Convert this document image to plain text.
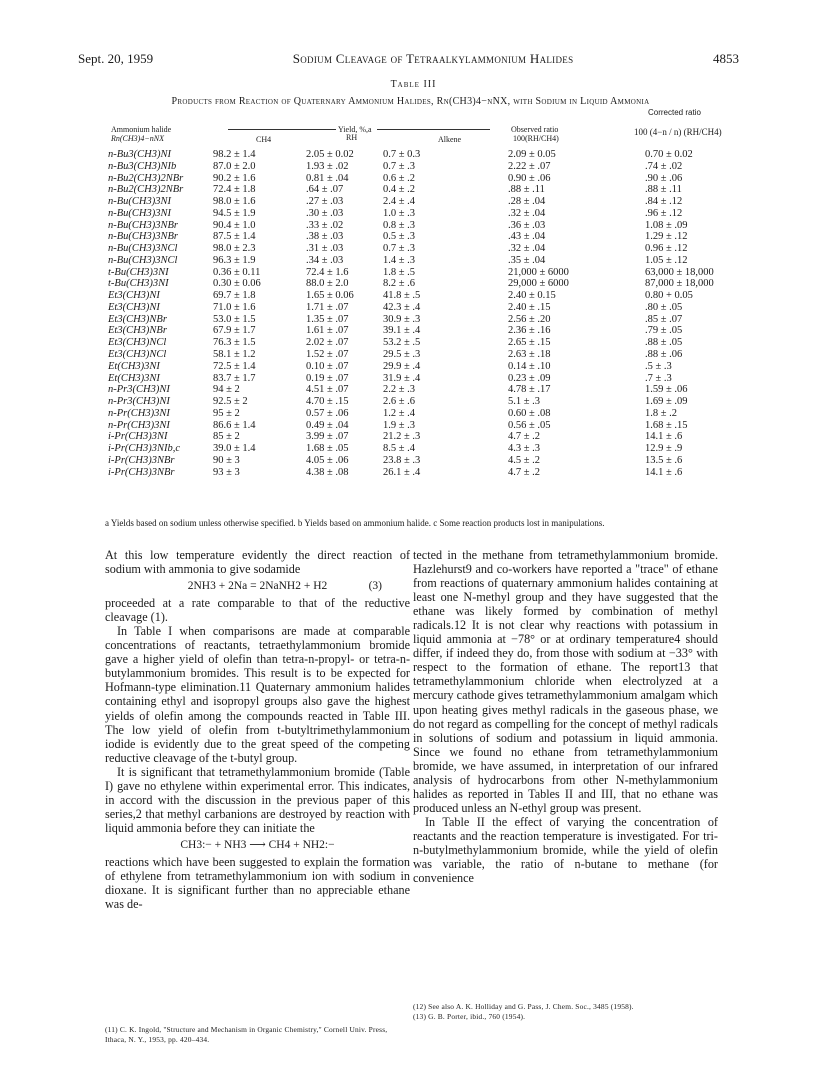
Sept. 20, 1959	Sodium Cleavage of Tetraalkylammonium Halides	4853
Table III
Products from Reaction of Quaternary Ammonium Halides, Rn(CH3)4−nNX, with Sodium in Liquid Ammonia
Corrected ratio
Ammonium halide
Rn(CH3)4−nNX
Yield, %,a
RH
CH4	Alkene
Observed ratio
100(RH/CH4)
100 (4−n / n) (RH/CH4)
n-Bu3(CH3)NI	98.2 ± 1.4	2.05 ± 0.02	0.7 ± 0.3	2.09 ± 0.05	0.70 ± 0.02
n-Bu3(CH3)NIb	87.0 ± 2.0	1.93 ± .02	0.7 ± .3	2.22 ± .07	.74 ± .02
n-Bu2(CH3)2NBr	90.2 ± 1.6	0.81 ± .04	0.6 ± .2	0.90 ± .06	.90 ± .06
n-Bu2(CH3)2NBr	72.4 ± 1.8	.64 ± .07	0.4 ± .2	.88 ± .11	.88 ± .11
n-Bu(CH3)3NI	98.0 ± 1.6	.27 ± .03	2.4 ± .4	.28 ± .04	.84 ± .12
n-Bu(CH3)3NI	94.5 ± 1.9	.30 ± .03	1.0 ± .3	.32 ± .04	.96 ± .12
n-Bu(CH3)3NBr	90.4 ± 1.0	.33 ± .02	0.8 ± .3	.36 ± .03	1.08 ± .09
n-Bu(CH3)3NBr	87.5 ± 1.4	.38 ± .03	0.5 ± .3	.43 ± .04	1.29 ± .12
n-Bu(CH3)3NCl	98.0 ± 2.3	.31 ± .03	0.7 ± .3	.32 ± .04	0.96 ± .12
n-Bu(CH3)3NCl	96.3 ± 1.9	.34 ± .03	1.4 ± .3	.35 ± .04	1.05 ± .12
t-Bu(CH3)3NI	0.36 ± 0.11	72.4 ± 1.6	1.8 ± .5	21,000 ± 6000	63,000 ± 18,000
t-Bu(CH3)3NI	0.30 ± 0.06	88.0 ± 2.0	8.2 ± .6	29,000 ± 6000	87,000 ± 18,000
Et3(CH3)NI	69.7 ± 1.8	1.65 ± 0.06	41.8 ± .5	2.40 ± 0.15	0.80 + 0.05
Et3(CH3)NI	71.0 ± 1.6	1.71 ± .07	42.3 ± .4	2.40 ± .15	.80 ± .05
Et3(CH3)NBr	53.0 ± 1.5	1.35 ± .07	30.9 ± .3	2.56 ± .20	.85 ± .07
Et3(CH3)NBr	67.9 ± 1.7	1.61 ± .07	39.1 ± .4	2.36 ± .16	.79 ± .05
Et3(CH3)NCl	76.3 ± 1.5	2.02 ± .07	53.2 ± .5	2.65 ± .15	.88 ± .05
Et3(CH3)NCl	58.1 ± 1.2	1.52 ± .07	29.5 ± .3	2.63 ± .18	.88 ± .06
Et(CH3)3NI	72.5 ± 1.4	0.10 ± .07	29.9 ± .4	0.14 ± .10	.5 ± .3
Et(CH3)3NI	83.7 ± 1.7	0.19 ± .07	31.9 ± .4	0.23 ± .09	.7 ± .3
n-Pr3(CH3)NI	94 ± 2	4.51 ± .07	2.2 ± .3	4.78 ± .17	1.59 ± .06
n-Pr3(CH3)NI	92.5 ± 2	4.70 ± .15	2.6 ± .6	5.1 ± .3	1.69 ± .09
n-Pr(CH3)3NI	95 ± 2	0.57 ± .06	1.2 ± .4	0.60 ± .08	1.8 ± .2
n-Pr(CH3)3NI	86.6 ± 1.4	0.49 ± .04	1.9 ± .3	0.56 ± .05	1.68 ± .15
i-Pr(CH3)3NI	85 ± 2	3.99 ± .07	21.2 ± .3	4.7 ± .2	14.1 ± .6
i-Pr(CH3)3NIb,c	39.0 ± 1.4	1.68 ± .05	8.5 ± .4	4.3 ± .3	12.9 ± .9
i-Pr(CH3)3NBr	90 ± 3	4.05 ± .06	23.8 ± .3	4.5 ± .2	13.5 ± .6
i-Pr(CH3)3NBr	93 ± 3	4.38 ± .08	26.1 ± .4	4.7 ± .2	14.1 ± .6
a Yields based on sodium unless otherwise specified. b Yields based on ammonium halide. c Some reaction products lost in manipulations.

At this low temperature evidently the direct reaction of sodium with ammonia to give sodamide

2NH3 + 2Na = 2NaNH2 + H2	(3)

proceeded at a rate comparable to that of the reductive cleavage (1).

In Table I when comparisons are made at comparable concentrations of reactants, tetraethylammonium bromide gave a higher yield of olefin than tetra-n-propyl- or tetra-n-butylammonium bromides. This result is to be expected for Hofmann-type elimination.11 Quaternary ammonium halides containing ethyl and isopropyl groups also gave the highest yields of olefin among the compounds reacted in Table III. The low yield of olefin from t-butyltrimethylammonium iodide is evidently due to the great speed of the competing reductive cleavage of the t-butyl group.

It is significant that tetramethylammonium bromide (Table I) gave no ethylene within experimental error. This indicates, in accord with the discussion in the previous paper of this series,2 that methyl carbanions are destroyed by reaction with liquid ammonia before they can initiate the

CH3:− + NH3 ⟶ CH4 + NH2:−

reactions which have been suggested to explain the formation of ethylene from tetramethylammonium ion with sodium in dioxane. It is significant further than no appreciable ethane was de-

tected in the methane from tetramethylammonium bromide. Hazlehurst9 and co-workers have reported a "trace" of ethane from reactions of quaternary ammonium halides containing at least one N-methyl group and they have suggested that the ethane was likely formed by combination of methyl radicals.12 It is not clear why reactions with potassium in liquid ammonia at −78° or at ordinary temperature4 should differ, if indeed they do, from those with sodium at −33° with respect to the formation of ethane. The report13 that tetramethylammonium chloride when electrolyzed at a mercury cathode gives tetramethylammonium amalgam which upon heating gives methyl radicals in the gaseous phase, we do not regard as compelling for the concept of methyl radicals in solutions of sodium and potassium in liquid ammonia. Since we found no ethane from tetramethylammonium bromide, we have assumed, in interpretation of our infrared analysis of hydrocarbons from other N-methylammonium halides as reported in Tables II and III, that no ethane was produced unless an N-ethyl group was present.

In Table II the effect of varying the concentration of reactants and the reaction temperature is investigated. For tri-n-butylmethylammonium bromide, while the yield of olefin was variable, the ratio of n-butane to methane (for convenience

(11) C. K. Ingold, "Structure and Mechanism in Organic Chemistry," Cornell Univ. Press, Ithaca, N. Y., 1953, pp. 420–434.
(12) See also A. K. Holliday and G. Pass, J. Chem. Soc., 3485 (1958).
(13) G. B. Porter, ibid., 760 (1954).
